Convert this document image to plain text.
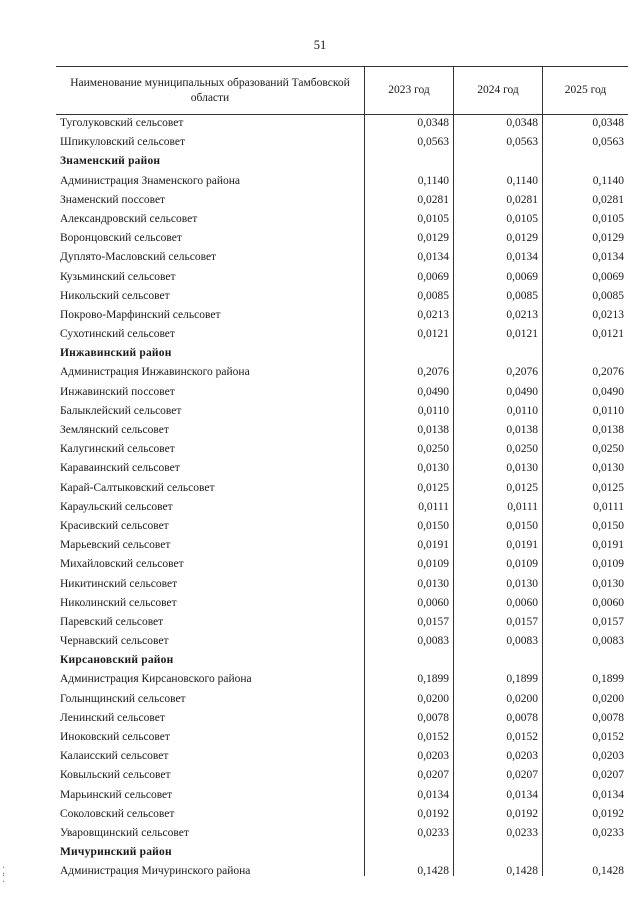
51
Наименование муниципальных образований Тамбовской области
2023 год	2024 год	2025 год
Туголуковский сельсовет	0,0348	0,0348	0,0348
Шпикуловский сельсовет	0,0563	0,0563	0,0563
Знаменский район
Администрация Знаменского района	0,1140	0,1140	0,1140
Знаменский поссовет	0,0281	0,0281	0,0281
Александровский сельсовет	0,0105	0,0105	0,0105
Воронцовский сельсовет	0,0129	0,0129	0,0129
Дуплято-Масловский сельсовет	0,0134	0,0134	0,0134
Кузьминский сельсовет	0,0069	0,0069	0,0069
Никольский сельсовет	0,0085	0,0085	0,0085
Покрово-Марфинский сельсовет	0,0213	0,0213	0,0213
Сухотинский сельсовет	0,0121	0,0121	0,0121
Инжавинский район
Администрация Инжавинского района	0,2076	0,2076	0,2076
Инжавинский поссовет	0,0490	0,0490	0,0490
Балыклейский сельсовет	0,0110	0,0110	0,0110
Землянский сельсовет	0,0138	0,0138	0,0138
Калугинский сельсовет	0,0250	0,0250	0,0250
Караваинский сельсовет	0,0130	0,0130	0,0130
Карай-Салтыковский сельсовет	0,0125	0,0125	0,0125
Караульский сельсовет	0,0111	0,0111	0,0111
Красивский сельсовет	0,0150	0,0150	0,0150
Марьевский сельсовет	0,0191	0,0191	0,0191
Михайловский сельсовет	0,0109	0,0109	0,0109
Никитинский сельсовет	0,0130	0,0130	0,0130
Николинский сельсовет	0,0060	0,0060	0,0060
Паревский сельсовет	0,0157	0,0157	0,0157
Чернавский сельсовет	0,0083	0,0083	0,0083
Кирсановский район
Администрация Кирсановского района	0,1899	0,1899	0,1899
Голынщинский сельсовет	0,0200	0,0200	0,0200
Ленинский сельсовет	0,0078	0,0078	0,0078
Иноковский сельсовет	0,0152	0,0152	0,0152
Калаисский сельсовет	0,0203	0,0203	0,0203
Ковыльский сельсовет	0,0207	0,0207	0,0207
Марьинский сельсовет	0,0134	0,0134	0,0134
Соколовский сельсовет	0,0192	0,0192	0,0192
Уваровщинский сельсовет	0,0233	0,0233	0,0233
Мичуринский район
Администрация Мичуринского района	0,1428	0,1428	0,1428
⁚
⁚
